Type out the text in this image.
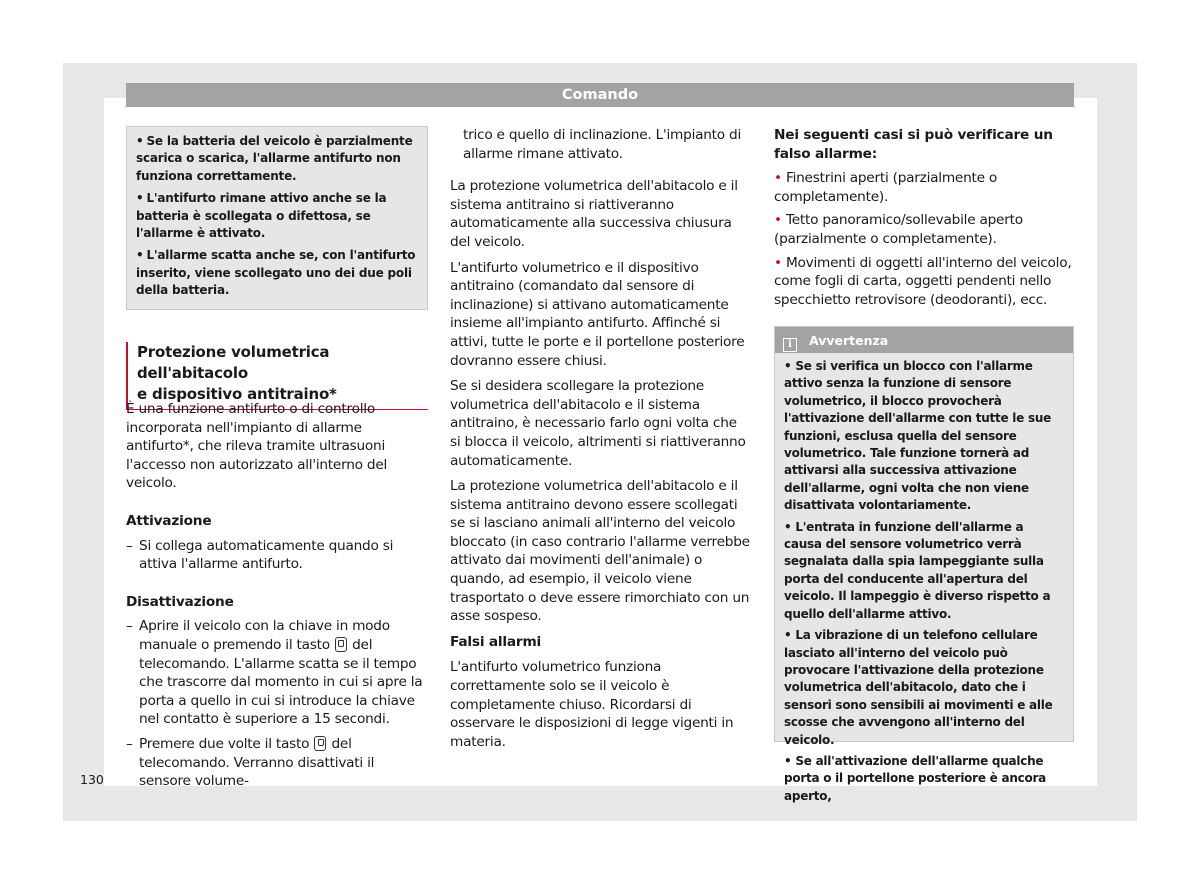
Comando
• Se la batteria del veicolo è parzialmente scarica o scarica, l'allarme antifurto non funziona correttamente.
• L'antifurto rimane attivo anche se la batteria è scollegata o difettosa, se l'allarme è attivato.
• L'allarme scatta anche se, con l'antifurto inserito, viene scollegato uno dei due poli della batteria.
Protezione volumetrica dell'abitacolo
e dispositivo antitraino*

È una funzione antifurto o di controllo incorporata nell'impianto di allarme antifurto*, che rileva tramite ultrasuoni l'accesso non autorizzato all'interno del veicolo.

Attivazione

– Si collega automaticamente quando si attiva l'allarme antifurto.

Disattivazione

– Aprire il veicolo con la chiave in modo manuale o premendo il tasto del telecomando. L'allarme scatta se il tempo che trascorre dal momento in cui si apre la porta a quello in cui si introduce la chiave nel contatto è superiore a 15 secondi.
– Premere due volte il tasto del telecomando. Verranno disattivati il sensore volume-

trico e quello di inclinazione. L'impianto di allarme rimane attivato.

La protezione volumetrica dell'abitacolo e il sistema antitraino si riattiveranno automaticamente alla successiva chiusura del veicolo.

L'antifurto volumetrico e il dispositivo antitraino (comandato dal sensore di inclinazione) si attivano automaticamente insieme all'impianto antifurto. Affinché si attivi, tutte le porte e il portellone posteriore dovranno essere chiusi.

Se si desidera scollegare la protezione volumetrica dell'abitacolo e il sistema antitraino, è necessario farlo ogni volta che si blocca il veicolo, altrimenti si riattiveranno automaticamente.

La protezione volumetrica dell'abitacolo e il sistema antitraino devono essere scollegati se si lasciano animali all'interno del veicolo bloccato (in caso contrario l'allarme verrebbe attivato dai movimenti dell'animale) o quando, ad esempio, il veicolo viene trasportato o deve essere rimorchiato con un asse sospeso.

Falsi allarmi

L'antifurto volumetrico funziona correttamente solo se il veicolo è completamente chiuso. Ricordarsi di osservare le disposizioni di legge vigenti in materia.

Nei seguenti casi si può verificare un falso allarme:

• Finestrini aperti (parzialmente o completamente).

• Tetto panoramico/sollevabile aperto (parzialmente o completamente).

• Movimenti di oggetti all'interno del veicolo, come fogli di carta, oggetti pendenti nello specchietto retrovisore (deodoranti), ecc.

i Avvertenza
• Se si verifica un blocco con l'allarme attivo senza la funzione di sensore volumetrico, il blocco provocherà l'attivazione dell'allarme con tutte le sue funzioni, esclusa quella del sensore volumetrico. Tale funzione tornerà ad attivarsi alla successiva attivazione dell'allarme, ogni volta che non viene disattivata volontariamente.
• L'entrata in funzione dell'allarme a causa del sensore volumetrico verrà segnalata dalla spia lampeggiante sulla porta del conducente all'apertura del veicolo. Il lampeggio è diverso rispetto a quello dell'allarme attivo.
• La vibrazione di un telefono cellulare lasciato all'interno del veicolo può provocare l'attivazione della protezione volumetrica dell'abitacolo, dato che i sensori sono sensibili ai movimenti e alle scosse che avvengono all'interno del veicolo.
• Se all'attivazione dell'allarme qualche porta o il portellone posteriore è ancora aperto,
130
